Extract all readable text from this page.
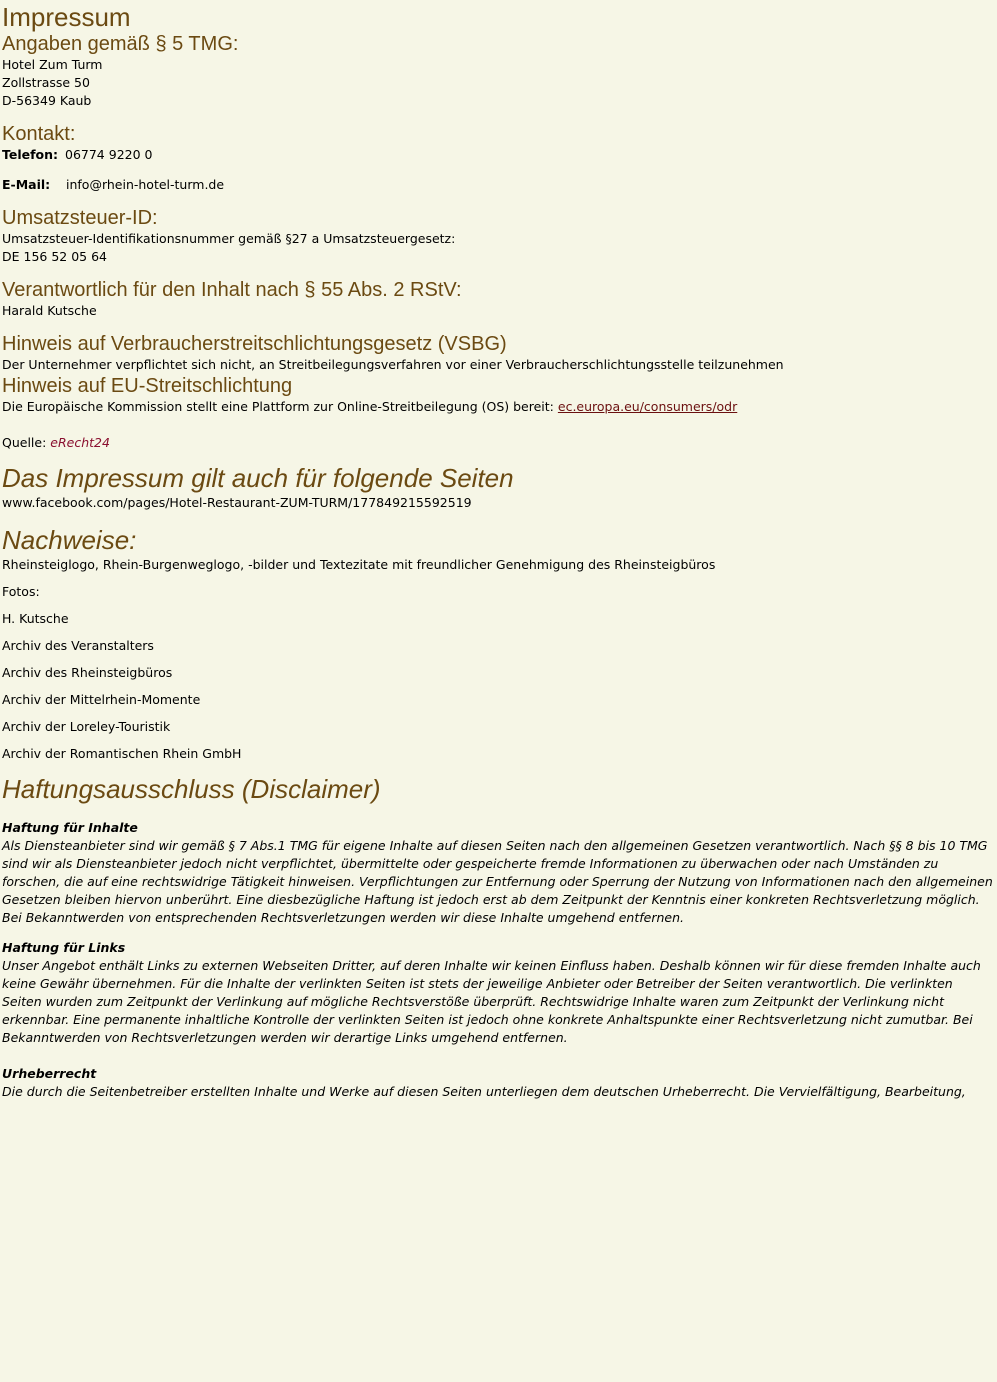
Impressum
Angaben gemäß § 5 TMG:

Hotel Zum Turm

Zollstrasse 50

D-56349 Kaub

Kontakt:

Telefon: 06774 9220 0

E-Mail: info@rhein-hotel-turm.de

Umsatzsteuer-ID:

Umsatzsteuer-Identifikationsnummer gemäß §27 a Umsatzsteuergesetz:

DE 156 52 05 64

Verantwortlich für den Inhalt nach § 55 Abs. 2 RStV:

Harald Kutsche

Hinweis auf Verbraucherstreitschlichtungsgesetz (VSBG)

Der Unternehmer verpflichtet sich nicht, an Streitbeilegungsverfahren vor einer Verbraucherschlichtungsstelle teilzunehmen

Hinweis auf EU-Streitschlichtung

Die Europäische Kommission stellt eine Plattform zur Online-Streitbeilegung (OS) bereit: ec.europa.eu/consumers/odr

Quelle: eRecht24

Das Impressum gilt auch für folgende Seiten

www.facebook.com/pages/Hotel-Restaurant-ZUM-TURM/177849215592519

Nachweise:

Rheinsteiglogo, Rhein-Burgenweglogo, -bilder und Textezitate mit freundlicher Genehmigung des Rheinsteigbüros

Fotos:

H. Kutsche

Archiv des Veranstalters

Archiv des Rheinsteigbüros

Archiv der Mittelrhein-Momente

Archiv der Loreley-Touristik

Archiv der Romantischen Rhein GmbH

Haftungsausschluss (Disclaimer)

Haftung für Inhalte

Als Diensteanbieter sind wir gemäß § 7 Abs.1 TMG für eigene Inhalte auf diesen Seiten nach den allgemeinen Gesetzen verantwortlich. Nach §§ 8 bis 10 TMG sind wir als Diensteanbieter jedoch nicht verpflichtet, übermittelte oder gespeicherte fremde Informationen zu überwachen oder nach Umständen zu forschen, die auf eine rechtswidrige Tätigkeit hinweisen. Verpflichtungen zur Entfernung oder Sperrung der Nutzung von Informationen nach den allgemeinen Gesetzen bleiben hiervon unberührt. Eine diesbezügliche Haftung ist jedoch erst ab dem Zeitpunkt der Kenntnis einer konkreten Rechtsverletzung möglich. Bei Bekanntwerden von entsprechenden Rechtsverletzungen werden wir diese Inhalte umgehend entfernen.

Haftung für Links

Unser Angebot enthält Links zu externen Webseiten Dritter, auf deren Inhalte wir keinen Einfluss haben. Deshalb können wir für diese fremden Inhalte auch keine Gewähr übernehmen. Für die Inhalte der verlinkten Seiten ist stets der jeweilige Anbieter oder Betreiber der Seiten verantwortlich. Die verlinkten Seiten wurden zum Zeitpunkt der Verlinkung auf mögliche Rechtsverstöße überprüft. Rechtswidrige Inhalte waren zum Zeitpunkt der Verlinkung nicht erkennbar. Eine permanente inhaltliche Kontrolle der verlinkten Seiten ist jedoch ohne konkrete Anhaltspunkte einer Rechtsverletzung nicht zumutbar. Bei Bekanntwerden von Rechtsverletzungen werden wir derartige Links umgehend entfernen.

Urheberrecht

Die durch die Seitenbetreiber erstellten Inhalte und Werke auf diesen Seiten unterliegen dem deutschen Urheberrecht. Die Vervielfältigung, Bearbeitung,
